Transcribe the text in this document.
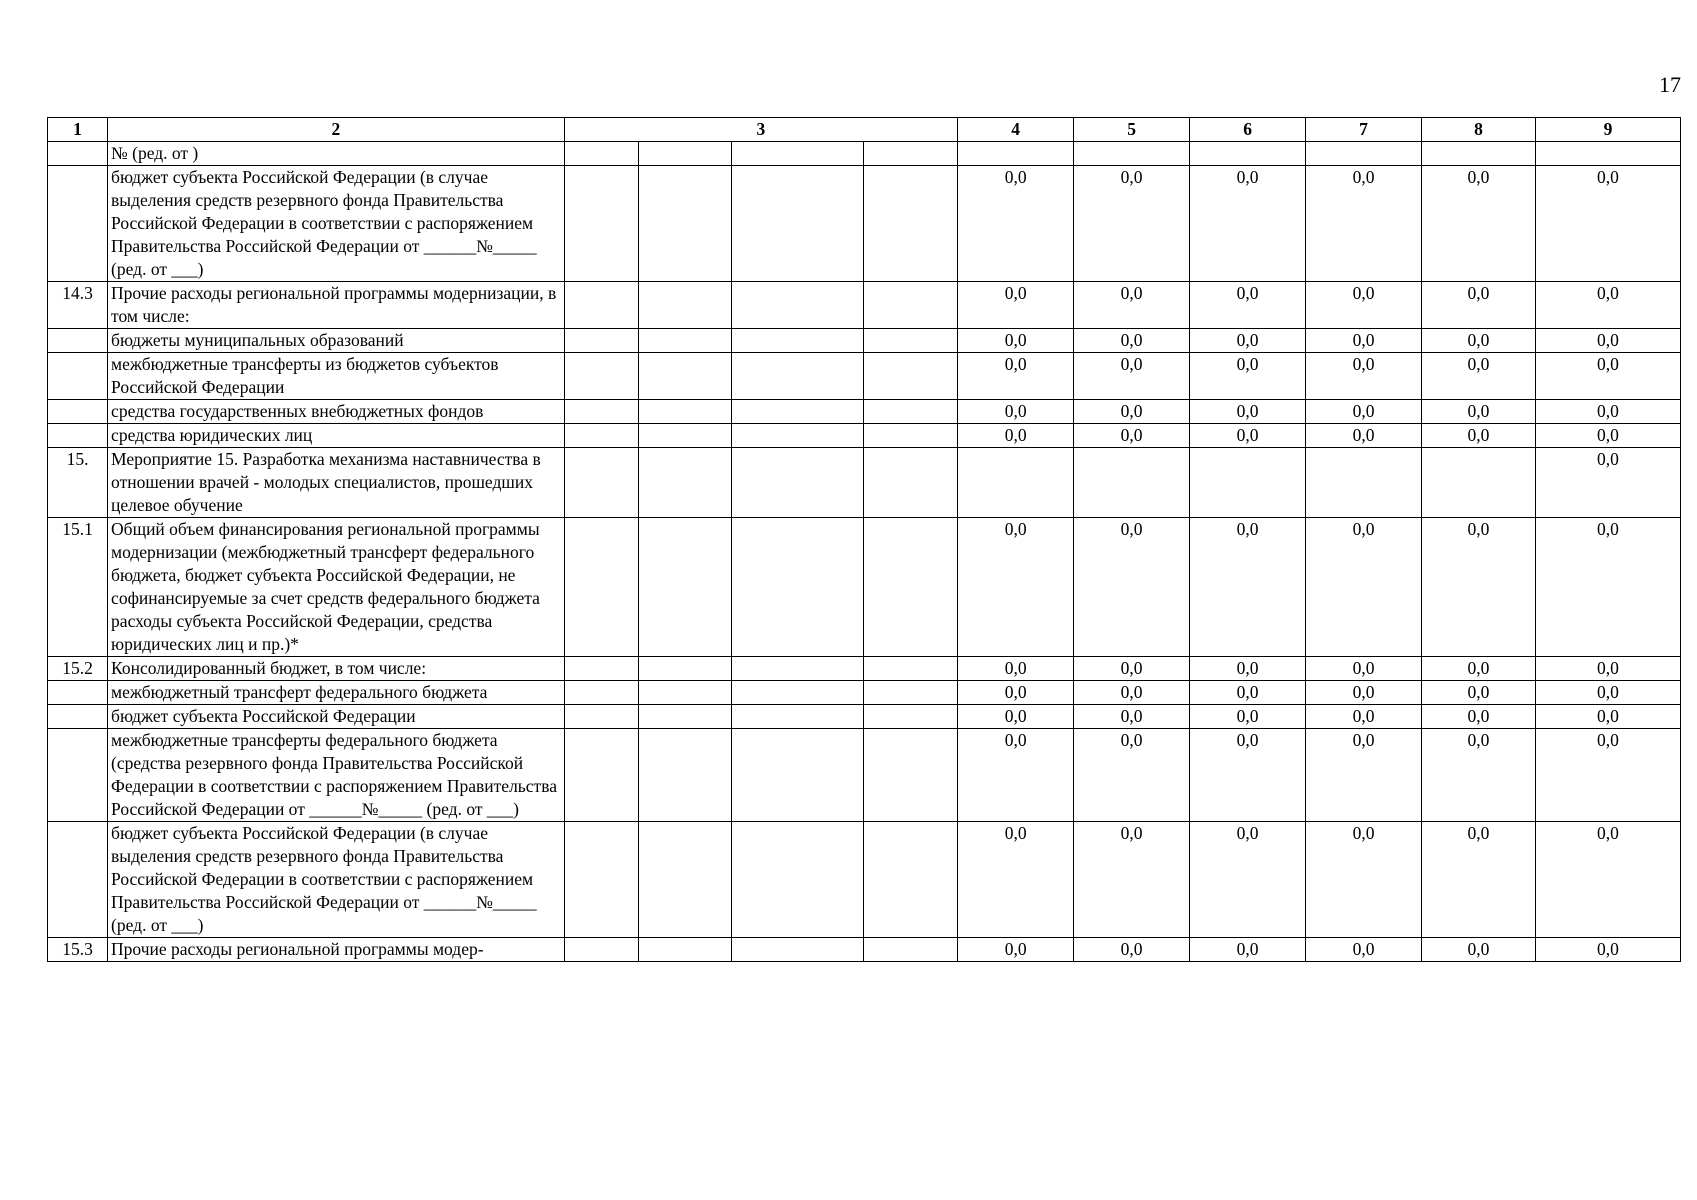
17
1	2	3				4	5	6	7	8	9
	№ (ред. от )										
	бюджет субъекта Российской Федерации (в случае выделения средств резервного фонда Правительства Российской Федерации в соответствии с распоряжением Правительства Российской Федерации от ______№_____ (ред. от ___)					0,0	0,0	0,0	0,0	0,0	0,0
14.3	Прочие расходы региональной программы модернизации, в том числе:					0,0	0,0	0,0	0,0	0,0	0,0
	бюджеты муниципальных образований					0,0	0,0	0,0	0,0	0,0	0,0
	межбюджетные трансферты из бюджетов субъектов Российской Федерации					0,0	0,0	0,0	0,0	0,0	0,0
	средства государственных внебюджетных фондов					0,0	0,0	0,0	0,0	0,0	0,0
	средства юридических лиц					0,0	0,0	0,0	0,0	0,0	0,0
15.	Мероприятие 15. Разработка механизма наставничества в отношении врачей - молодых специалистов, прошедших целевое обучение										0,0
15.1	Общий объем финансирования региональной программы модернизации (межбюджетный трансферт федерального бюджета, бюджет субъекта Российской Федерации, не софинансируемые за счет средств федерального бюджета расходы субъекта Российской Федерации, средства юридических лиц и пр.)*					0,0	0,0	0,0	0,0	0,0	0,0
15.2	Консолидированный бюджет, в том числе:					0,0	0,0	0,0	0,0	0,0	0,0
	межбюджетный трансферт федерального бюджета					0,0	0,0	0,0	0,0	0,0	0,0
	бюджет субъекта Российской Федерации					0,0	0,0	0,0	0,0	0,0	0,0
	межбюджетные трансферты федерального бюджета (средства резервного фонда Правительства Российской Федерации в соответствии с распоряжением Правительства Российской Федерации от ______№_____ (ред. от ___)					0,0	0,0	0,0	0,0	0,0	0,0
	бюджет субъекта Российской Федерации (в случае выделения средств резервного фонда Правительства Российской Федерации в соответствии с распоряжением Правительства Российской Федерации от ______№_____ (ред. от ___)					0,0	0,0	0,0	0,0	0,0	0,0
15.3	Прочие расходы региональной программы модер-					0,0	0,0	0,0	0,0	0,0	0,0
